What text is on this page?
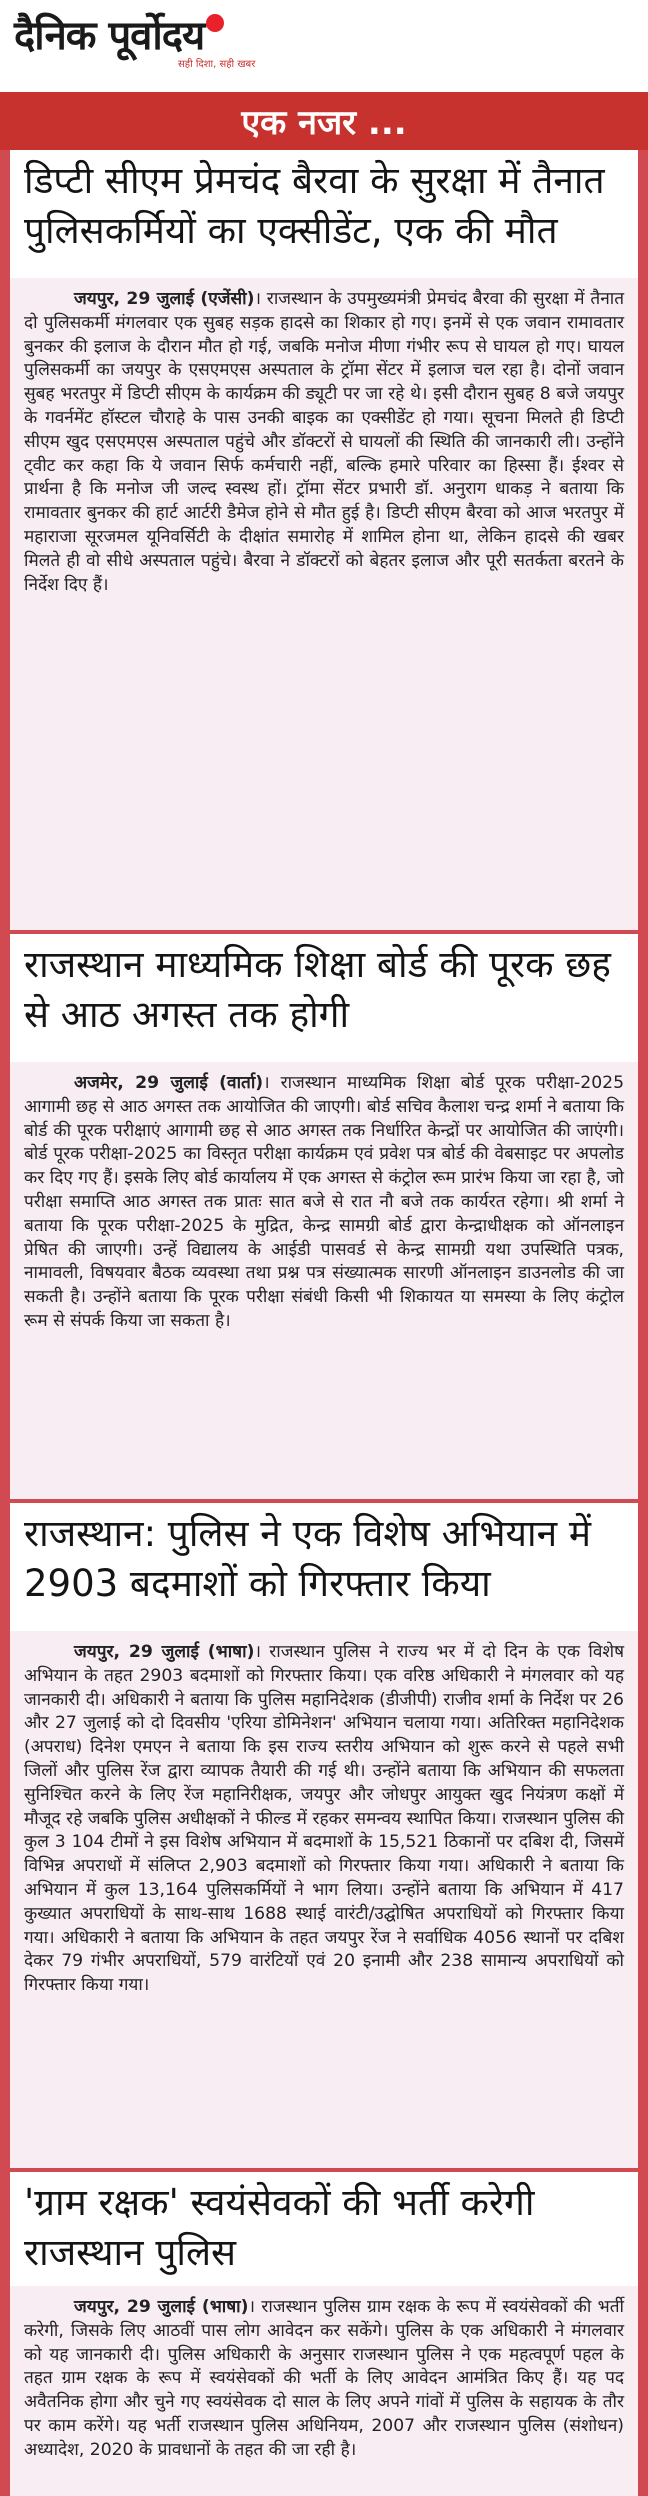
दैनिक पूर्वोदय
सही दिशा, सही खबर
एक नजर ...
डिप्टी सीएम प्रेमचंद बैरवा के सुरक्षा में तैनात पुलिसकर्मियों का एक्सीडेंट, एक की मौत
जयपुर, 29 जुलाई (एजेंसी)। राजस्थान के उपमुख्यमंत्री प्रेमचंद बैरवा की सुरक्षा में तैनात दो पुलिसकर्मी मंगलवार एक सुबह सड़क हादसे का शिकार हो गए। इनमें से एक जवान रामावतार बुनकर की इलाज के दौरान मौत हो गई, जबकि मनोज मीणा गंभीर रूप से घायल हो गए। घायल पुलिसकर्मी का जयपुर के एसएमएस अस्पताल के ट्रॉमा सेंटर में इलाज चल रहा है। दोनों जवान सुबह भरतपुर में डिप्टी सीएम के कार्यक्रम की ड्यूटी पर जा रहे थे। इसी दौरान सुबह 8 बजे जयपुर के गवर्नमेंट हॉस्टल चौराहे के पास उनकी बाइक का एक्सीडेंट हो गया। सूचना मिलते ही डिप्टी सीएम खुद एसएमएस अस्पताल पहुंचे और डॉक्टरों से घायलों की स्थिति की जानकारी ली। उन्होंने ट्वीट कर कहा कि ये जवान सिर्फ कर्मचारी नहीं, बल्कि हमारे परिवार का हिस्सा हैं। ईश्वर से प्रार्थना है कि मनोज जी जल्द स्वस्थ हों। ट्रॉमा सेंटर प्रभारी डॉ. अनुराग धाकड़ ने बताया कि रामावतार बुनकर की हार्ट आर्टरी डैमेज होने से मौत हुई है। डिप्टी सीएम बैरवा को आज भरतपुर में महाराजा सूरजमल यूनिवर्सिटी के दीक्षांत समारोह में शामिल होना था, लेकिन हादसे की खबर मिलते ही वो सीधे अस्पताल पहुंचे। बैरवा ने डॉक्टरों को बेहतर इलाज और पूरी सतर्कता बरतने के निर्देश दिए हैं।
राजस्थान माध्यमिक शिक्षा बोर्ड की पूरक छह से आठ अगस्त तक होगी
अजमेर, 29 जुलाई (वार्ता)। राजस्थान माध्यमिक शिक्षा बोर्ड पूरक परीक्षा-2025 आगामी छह से आठ अगस्त तक आयोजित की जाएगी। बोर्ड सचिव कैलाश चन्द्र शर्मा ने बताया कि बोर्ड की पूरक परीक्षाएं आगामी छह से आठ अगस्त तक निर्धारित केन्द्रों पर आयोजित की जाएंगी। बोर्ड पूरक परीक्षा-2025 का विस्तृत परीक्षा कार्यक्रम एवं प्रवेश पत्र बोर्ड की वेबसाइट पर अपलोड कर दिए गए हैं। इसके लिए बोर्ड कार्यालय में एक अगस्त से कंट्रोल रूम प्रारंभ किया जा रहा है, जो परीक्षा समाप्ति आठ अगस्त तक प्रातः सात बजे से रात नौ बजे तक कार्यरत रहेगा। श्री शर्मा ने बताया कि पूरक परीक्षा-2025 के मुद्रित, केन्द्र सामग्री बोर्ड द्वारा केन्द्राधीक्षक को ऑनलाइन प्रेषित की जाएगी। उन्हें विद्यालय के आईडी पासवर्ड से केन्द्र सामग्री यथा उपस्थिति पत्रक, नामावली, विषयवार बैठक व्यवस्था तथा प्रश्न पत्र संख्यात्मक सारणी ऑनलाइन डाउनलोड की जा सकती है। उन्होंने बताया कि पूरक परीक्षा संबंधी किसी भी शिकायत या समस्या के लिए कंट्रोल रूम से संपर्क किया जा सकता है।
राजस्थान: पुलिस ने एक विशेष अभियान में 2903 बदमाशों को गिरफ्तार किया
जयपुर, 29 जुलाई (भाषा)। राजस्थान पुलिस ने राज्य भर में दो दिन के एक विशेष अभियान के तहत 2903 बदमाशों को गिरफ्तार किया। एक वरिष्ठ अधिकारी ने मंगलवार को यह जानकारी दी। अधिकारी ने बताया कि पुलिस महानिदेशक (डीजीपी) राजीव शर्मा के निर्देश पर 26 और 27 जुलाई को दो दिवसीय 'एरिया डोमिनेशन' अभियान चलाया गया। अतिरिक्त महानिदेशक (अपराध) दिनेश एमएन ने बताया कि इस राज्य स्तरीय अभियान को शुरू करने से पहले सभी जिलों और पुलिस रेंज द्वारा व्यापक तैयारी की गई थी। उन्होंने बताया कि अभियान की सफलता सुनिश्चित करने के लिए रेंज महानिरीक्षक, जयपुर और जोधपुर आयुक्त खुद नियंत्रण कक्षों में मौजूद रहे जबकि पुलिस अधीक्षकों ने फील्ड में रहकर समन्वय स्थापित किया। राजस्थान पुलिस की कुल 3 104 टीमों ने इस विशेष अभियान में बदमाशों के 15,521 ठिकानों पर दबिश दी, जिसमें विभिन्न अपराधों में संलिप्त 2,903 बदमाशों को गिरफ्तार किया गया। अधिकारी ने बताया कि अभियान में कुल 13,164 पुलिसकर्मियों ने भाग लिया। उन्होंने बताया कि अभियान में 417 कुख्यात अपराधियों के साथ-साथ 1688 स्थाई वारंटी/उद्घोषित अपराधियों को गिरफ्तार किया गया। अधिकारी ने बताया कि अभियान के तहत जयपुर रेंज ने सर्वाधिक 4056 स्थानों पर दबिश देकर 79 गंभीर अपराधियों, 579 वारंटियों एवं 20 इनामी और 238 सामान्य अपराधियों को गिरफ्तार किया गया।
'ग्राम रक्षक' स्वयंसेवकों की भर्ती करेगी राजस्थान पुलिस
जयपुर, 29 जुलाई (भाषा)। राजस्थान पुलिस ग्राम रक्षक के रूप में स्वयंसेवकों की भर्ती करेगी, जिसके लिए आठवीं पास लोग आवेदन कर सकेंगे। पुलिस के एक अधिकारी ने मंगलवार को यह जानकारी दी। पुलिस अधिकारी के अनुसार राजस्थान पुलिस ने एक महत्वपूर्ण पहल के तहत ग्राम रक्षक के रूप में स्वयंसेवकों की भर्ती के लिए आवेदन आमंत्रित किए हैं। यह पद अवैतनिक होगा और चुने गए स्वयंसेवक दो साल के लिए अपने गांवों में पुलिस के सहायक के तौर पर काम करेंगे। यह भर्ती राजस्थान पुलिस अधिनियम, 2007 और राजस्थान पुलिस (संशोधन) अध्यादेश, 2020 के प्रावधानों के तहत की जा रही है।
